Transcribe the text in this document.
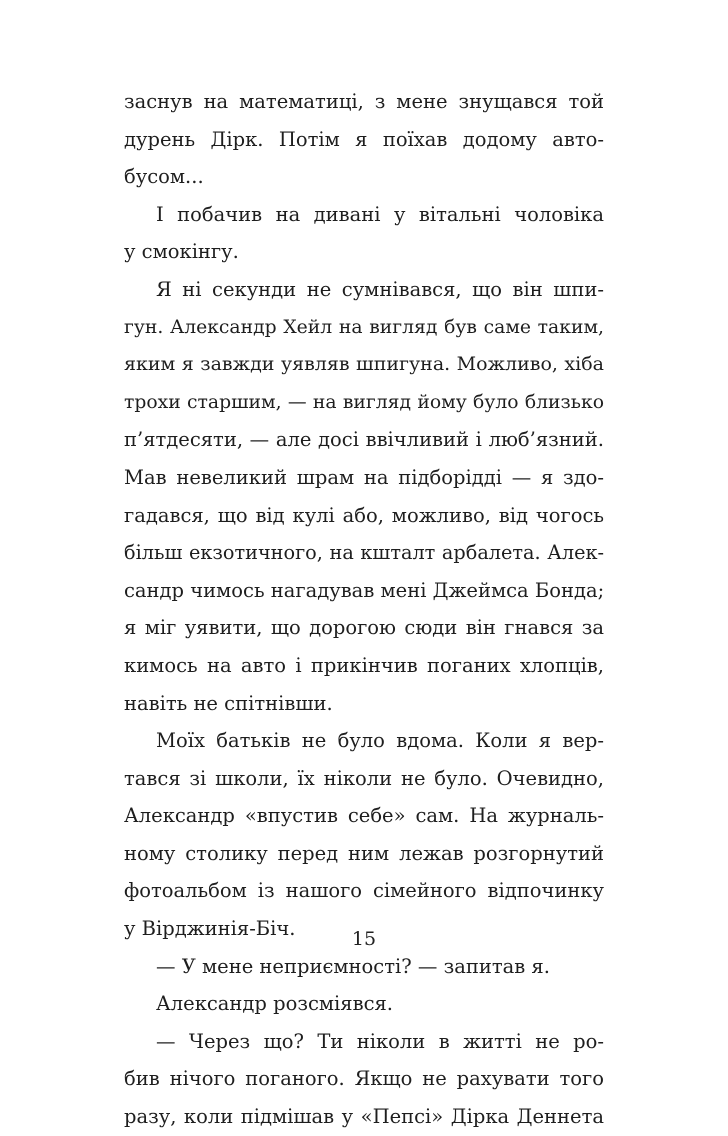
заснув на математиці, з мене знущався той
дурень Дірк. Потім я поїхав додому авто-
бусом...
І побачив на дивані у вітальні чоловіка
у смокінгу.
Я ні секунди не сумнівався, що він шпи-
гун. Александр Хейл на вигляд був саме таким,
яким я завжди уявляв шпигуна. Можливо, хіба
трохи старшим, — на вигляд йому було близько
п’ятдесяти, — але досі ввічливий і люб’язний.
Мав невеликий шрам на підборідді — я здо-
гадався, що від кулі або, можливо, від чогось
більш екзотичного, на кшталт арбалета. Алек-
сандр чимось нагадував мені Джеймса Бонда;
я міг уявити, що дорогою сюди він гнався за
кимось на авто і прикінчив поганих хлопців,
навіть не спітнівши.
Моїх батьків не було вдома. Коли я вер-
тався зі школи, їх ніколи не було. Очевидно,
Александр «впустив себе» сам. На журналь-
ному столику перед ним лежав розгорнутий
фотоальбом із нашого сімейного відпочинку
у Вірджинія-Біч.
— У мене неприємності? — запитав я.
Александр розсміявся.
— Через що? Ти ніколи в житті не ро-
бив нічого поганого. Якщо не рахувати того
разу, коли підмішав у «Пепсі» Дірка Деннета
15
